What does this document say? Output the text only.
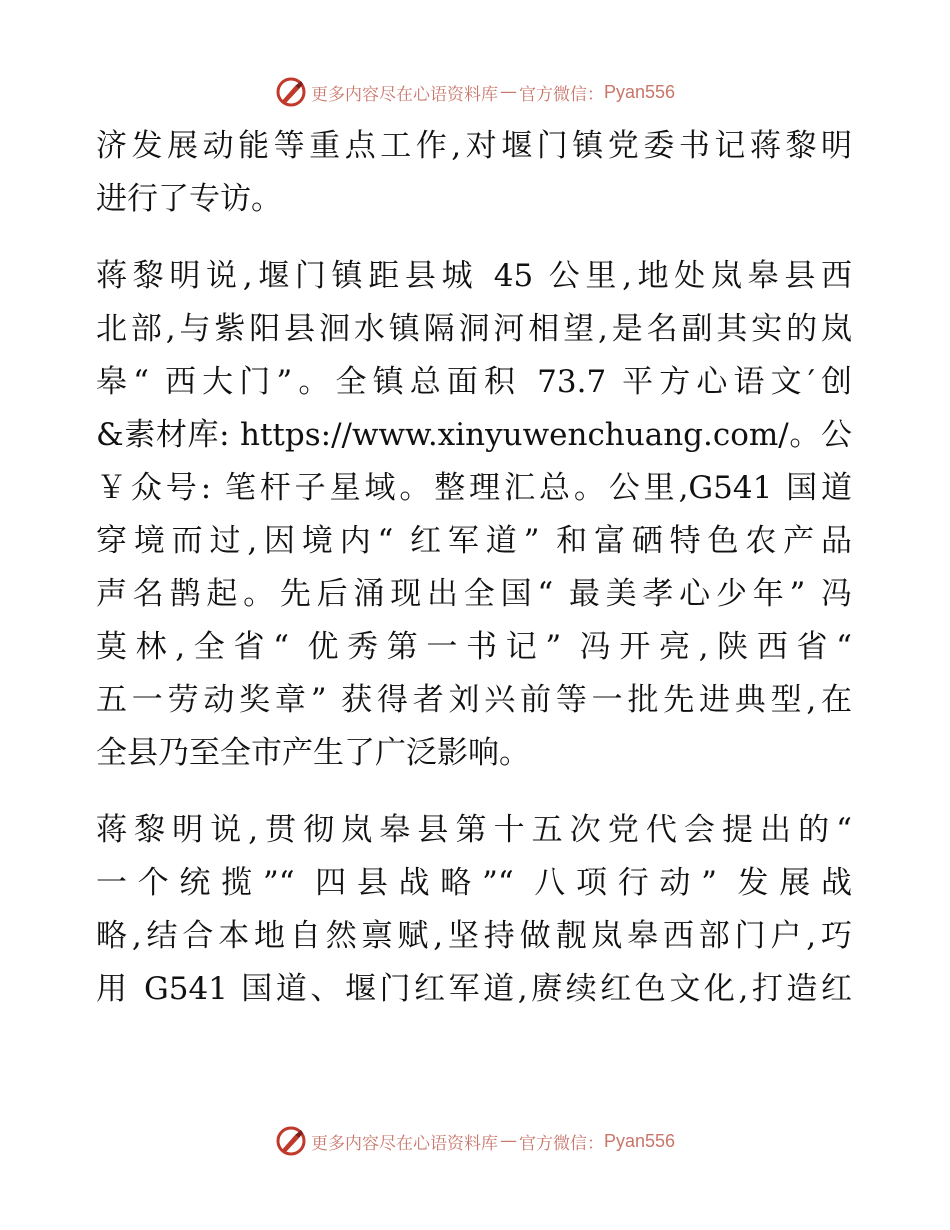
更多内容尽在心语资料库 — 官方微信： Pyan556
济发展动能等重点工作,对堰门镇党委书记蒋黎明
进行了专访。
蒋黎明说,堰门镇距县城 45 公里,地处岚皋县西
北部,与紫阳县洄水镇隔洞河相望,是名副其实的岚
皋“ 西大门”。全镇总面积 73.7 平方心语文′创
&素材库: https://www.xinyuwenchuang.com/。公
￥众号: 笔杆子星域。整理汇总。公里,G541 国道
穿境而过,因境内“ 红军道” 和富硒特色农产品
声名鹊起。先后涌现出全国“ 最美孝心少年” 冯
莫林,全省“ 优秀第一书记” 冯开亮,陕西省“
五一劳动奖章” 获得者刘兴前等一批先进典型,在
全县乃至全市产生了广泛影响。
蒋黎明说,贯彻岚皋县第十五次党代会提出的“
一个统揽”“ 四县战略”“ 八项行动” 发展战
略,结合本地自然禀赋,坚持做靓岚皋西部门户,巧
用 G541 国道、堰门红军道,赓续红色文化,打造红
更多内容尽在心语资料库 — 官方微信： Pyan556
